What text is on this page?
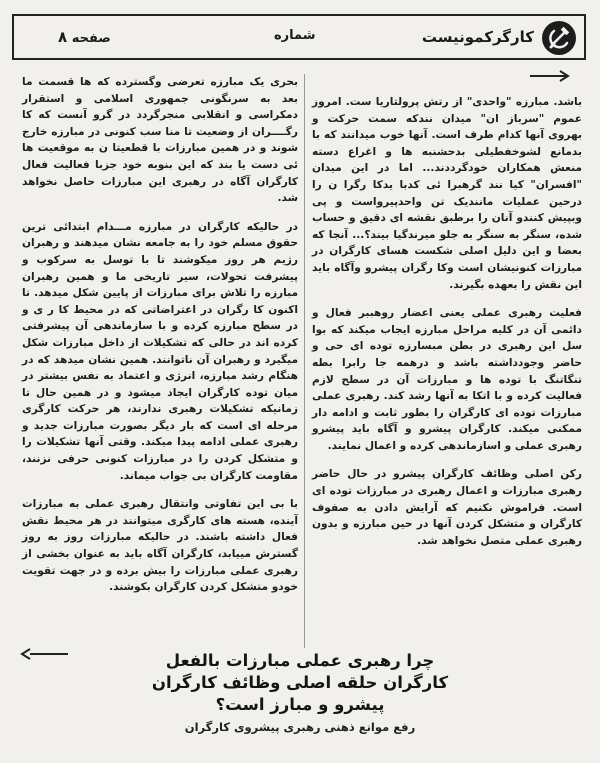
کارگرکمونیست
شماره
صفحه ۸

باشد. مبارزه "واحدی" از رتش پرولتاریا ست. امروز عموم "سرباز ان" میدان نندکه سمت حرکت و بهروی آنها کدام طرف است. آنها خوب میدانند که با بدمانع لشوخفطیلی بدحشنبه ها و اغراع دسته منعش همکاران خودگرددند... اما در این میدان "افسران" کیا نند گرهبرا ئی کدبا یدکا رگرا ن را درحین عملیات مانندیک تن واحدپیرواست و پی وبپیش کنندو آنان را برطبق نقشه ای دقیق و حساب شده، سنگر به سنگر به جلو میرندگیا بیند؟... آنجا که بعضا و این دلیل اصلی شکست هسای کارگران در مبارزات کنونیشان است وکا رگران پیشرو وآگاه باید این نقش را بعهده بگیرند.

فعلیت رهبری عملی یعنی اعضار روهببر فعال و دائمی آن در کلیه مراحل مبارزه ایجاب میکند که بوا سل این رهبری در بطن مبسارزه توده ای حی و حاضر وجودداشته باشد و درهمه جا رابرا بطه تنگاتنگ با توده ها و مبارزات آن در سطح لازم فعالیت کرده و با اتکا به آنها رشد کند. رهبری عملی مبارزات توده ای کارگران را بطور ثابت و ادامه دار ممکنی میکند. کارگران پیشرو و آگاه باید پیشرو رهبری عملی و اسازماندهی کرده و اعمال نمایند.

رکن اصلی وظائف کارگران پیشرو در حال حاضر رهبری مبارزات و اعمال رهبری در مبارزات توده ای است. فراموش نکنیم که آرایش دادن به صفوف کارگران و متشکل کردن آنها در حین مبارزه و بدون رهبری عملی متصل نخواهد شد.

بحری یک مبارزه تعرضی وگسترده که ها قسمت ما بعد به سرنگونی جمهوری اسلامی و استقرار دمکراسی و انقلابی منجرگردد در گرو آنست که کا رگــــران از وضعیت تا منا سب کنونی در مبارزه خارج شوند و در همین مبارزات با قطعیتا ن به موقعیت ها ئی دست یا بند که این بنوبه خود جزبا فعالیت فعال کارگران آگاه در رهبری این مبارزات حاصل نخواهد شد.

در حالیکه کارگران در مبارزه مـــدام ابتدائی ترین حقوق مسلم خود را به جامعه نشان میدهند و رهبران رژیم هر روز میکوشند تا با توسل به سرکوب و پیشرفت تحولات، سیر تاریخی ما و همین رهبران مبارزه را تلاش برای مبارزات از پایین شکل میدهد. تا اکنون کا رگران در اعتراضاتی که در محیط کا ر ی و در سطح مبارزه کرده و با سازماندهی آن پیشرفتی کرده اند در حالی که تشکیلات از داخل مبارزات شکل میگیرد و رهبران آن ناتوانند. همین نشان میدهد که در هنگام رشد مبارزه، انرژی و اعتماد به نفس بیشتر در میان توده کارگران ایجاد میشود و در همین حال تا زمانیکه تشکیلات رهبری ندارند، هر حرکت کارگری مرحله ای است که بار دیگر بصورت مبارزات جدید و رهبری عملی ادامه پیدا میکند. وقتی آنها تشکیلات را و متشکل کردن را در مبارزات کنونی حرفی نزنند، مقاومت کارگران بی جواب میماند.

با بی این تفاوتی وانتقال رهبری عملی به مبارزات آینده، هسته های کارگری میتوانند در هر محیط نقش فعال داشته باشند. در حالیکه مبارزات روز به روز گسترش مییابد، کارگران آگاه باید به عنوان بخشی از رهبری عملی مبارزات را بیش برده و در جهت تقویت خودو متشکل کردن کارگران بکوشند.

چرا رهبری عملی مبارزات بالفعل
کارگران حلقه اصلی وظائف کارگران
پیشرو و مبارز است؟
رفع موانع ذهنی رهبری پیشروی کارگران
